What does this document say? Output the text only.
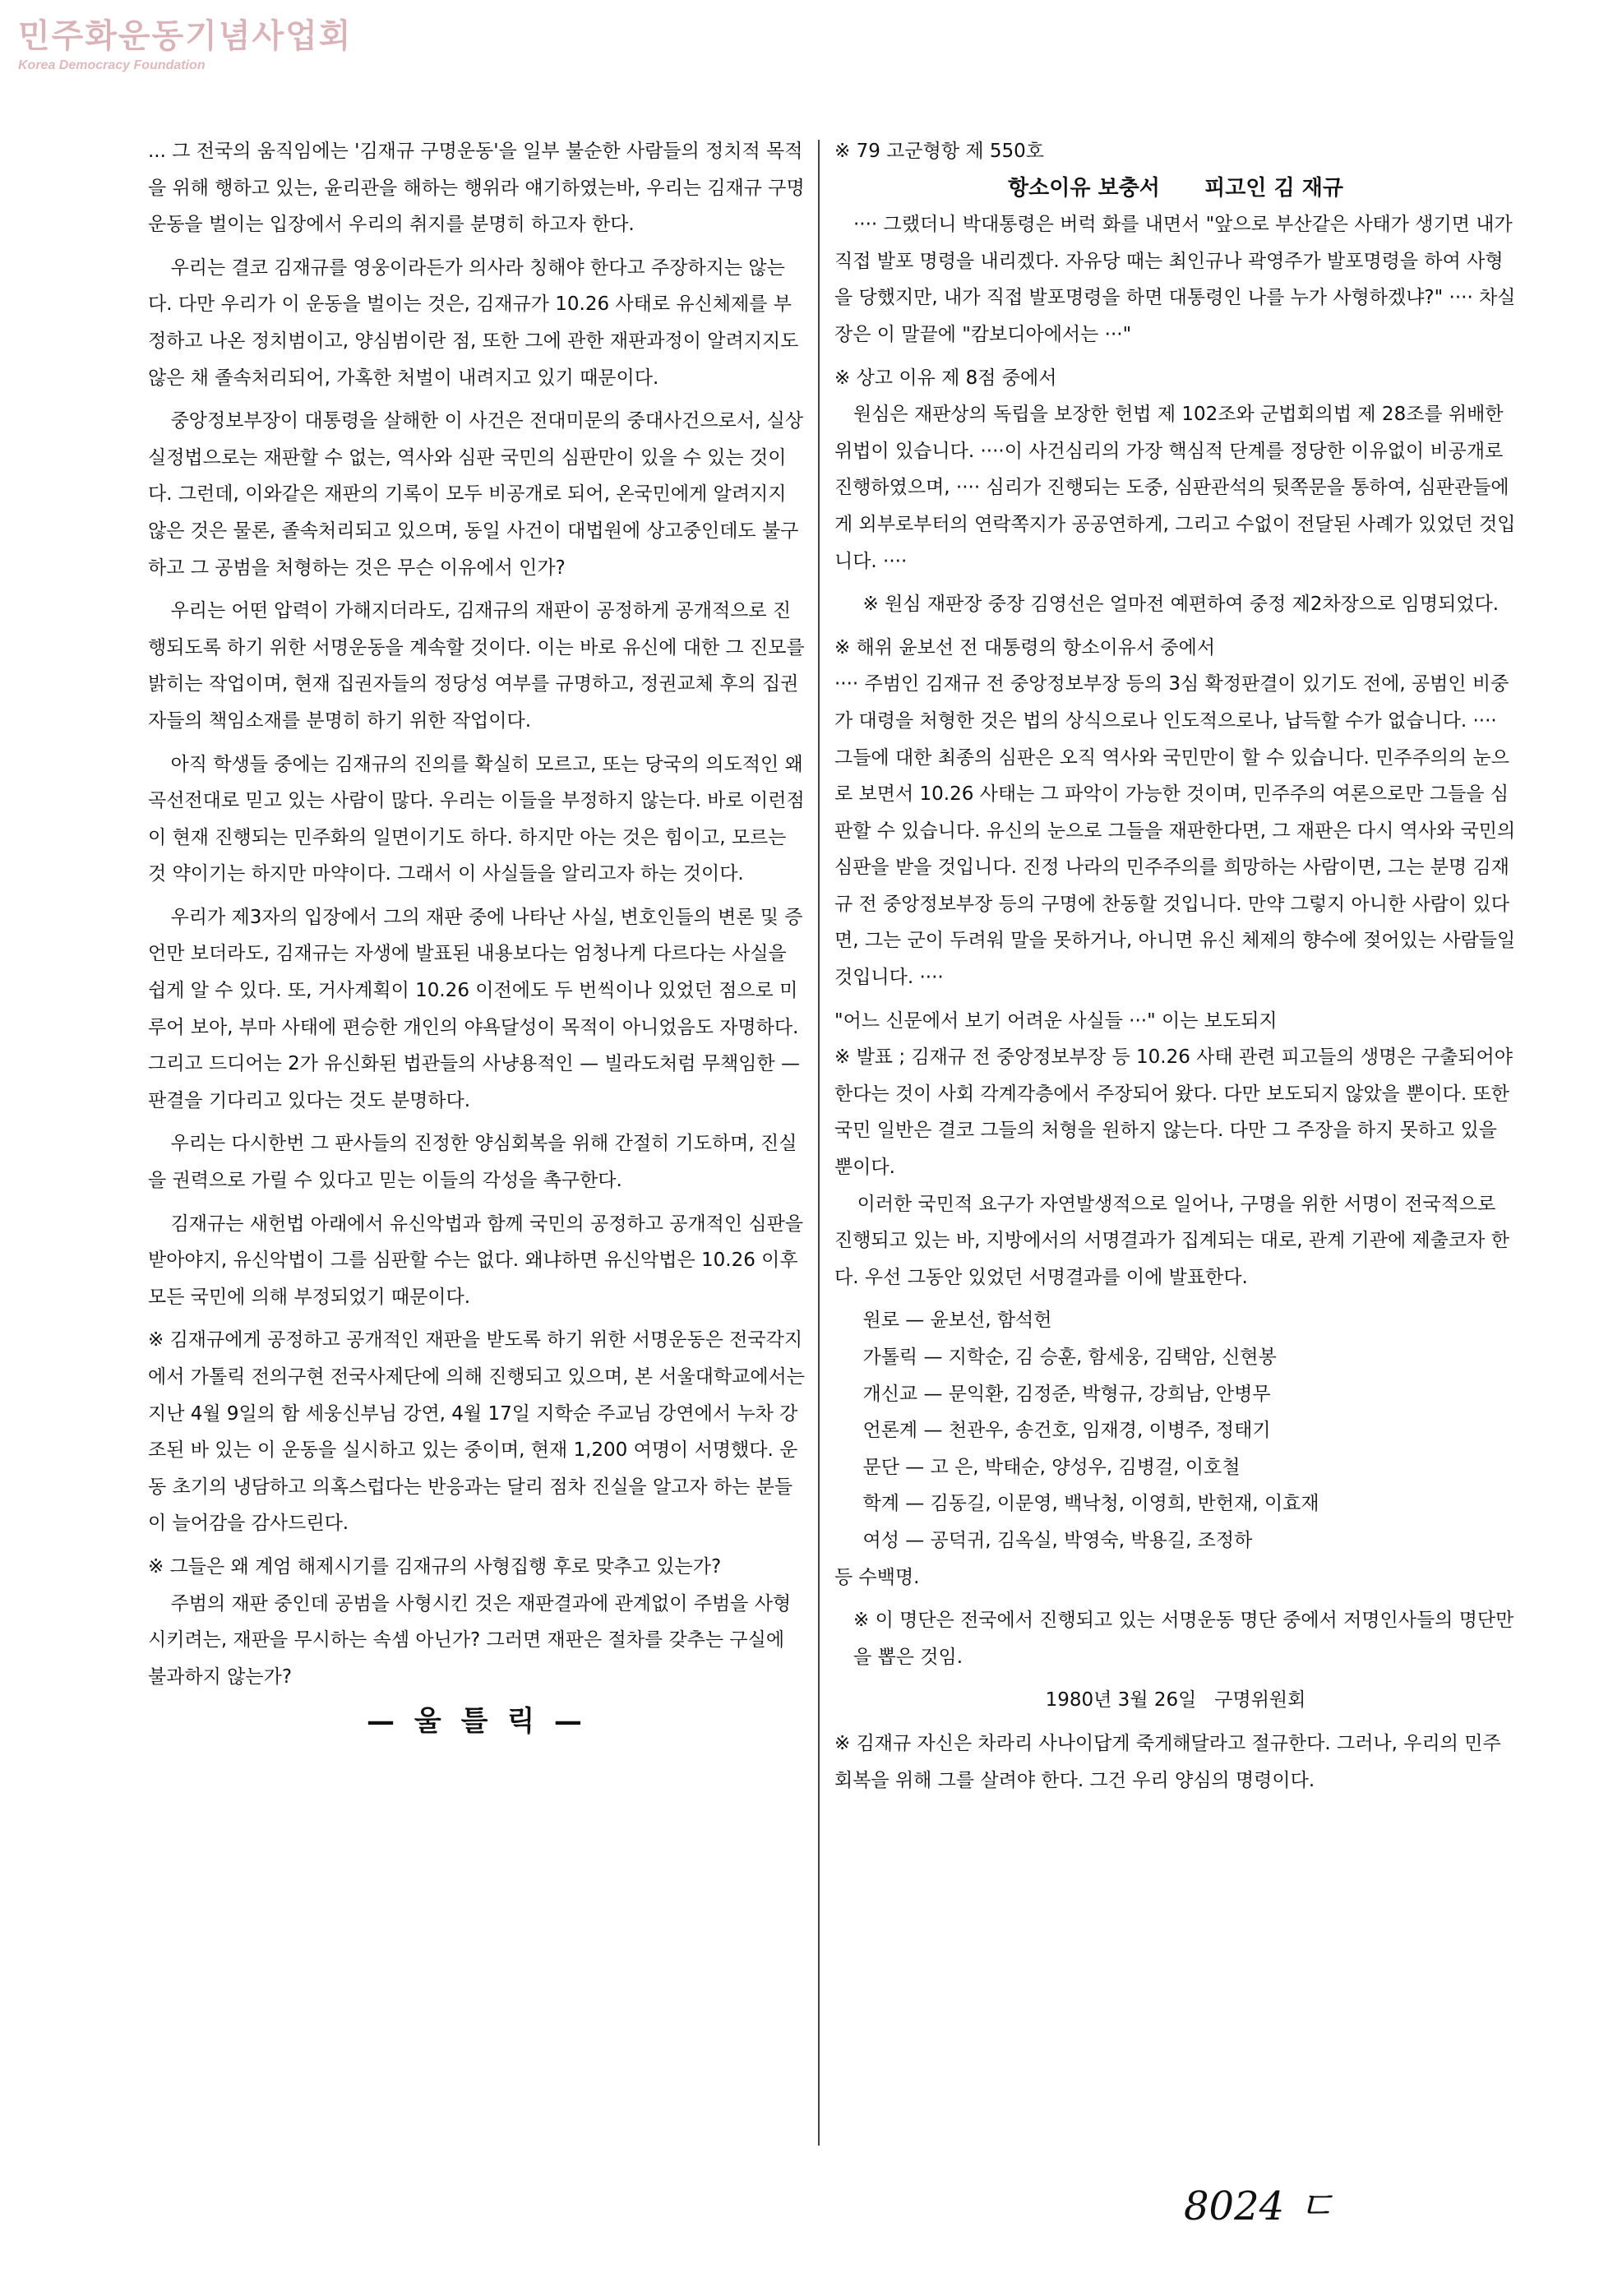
민주화운동기념사업회
Korea Democracy Foundation

... 그 전국의 움직임에는 '김재규 구명운동'을 일부 불순한 사람들의 정치적 목적을 위해 행하고 있는, 윤리관을 해하는 행위라 얘기하였는바, 우리는 김재규 구명운동을 벌이는 입장에서 우리의 취지를 분명히 하고자 한다.

우리는 결코 김재규를 영웅이라든가 의사라 칭해야 한다고 주장하지는 않는다. 다만 우리가 이 운동을 벌이는 것은, 김재규가 10.26 사태로 유신체제를 부정하고 나온 정치범이고, 양심범이란 점, 또한 그에 관한 재판과정이 알려지지도 않은 채 졸속처리되어, 가혹한 처벌이 내려지고 있기 때문이다.

중앙정보부장이 대통령을 살해한 이 사건은 전대미문의 중대사건으로서, 실상 실정법으로는 재판할 수 없는, 역사와 심판 국민의 심판만이 있을 수 있는 것이다. 그런데, 이와같은 재판의 기록이 모두 비공개로 되어, 온국민에게 알려지지 않은 것은 물론, 졸속처리되고 있으며, 동일 사건이 대법원에 상고중인데도 불구하고 그 공범을 처형하는 것은 무슨 이유에서 인가?

우리는 어떤 압력이 가해지더라도, 김재규의 재판이 공정하게 공개적으로 진행되도록 하기 위한 서명운동을 계속할 것이다. 이는 바로 유신에 대한 그 진모를 밝히는 작업이며, 현재 집권자들의 정당성 여부를 규명하고, 정권교체 후의 집권자들의 책임소재를 분명히 하기 위한 작업이다.

아직 학생들 중에는 김재규의 진의를 확실히 모르고, 또는 당국의 의도적인 왜곡선전대로 믿고 있는 사람이 많다. 우리는 이들을 부정하지 않는다. 바로 이런점이 현재 진행되는 민주화의 일면이기도 하다. 하지만 아는 것은 힘이고, 모르는 것 약이기는 하지만 마약이다. 그래서 이 사실들을 알리고자 하는 것이다.

우리가 제3자의 입장에서 그의 재판 중에 나타난 사실, 변호인들의 변론 및 증언만 보더라도, 김재규는 자생에 발표된 내용보다는 엄청나게 다르다는 사실을 쉽게 알 수 있다. 또, 거사계획이 10.26 이전에도 두 번씩이나 있었던 점으로 미루어 보아, 부마 사태에 편승한 개인의 야욕달성이 목적이 아니었음도 자명하다. 그리고 드디어는 2가 유신화된 법관들의 사냥용적인 — 빌라도처럼 무책임한 — 판결을 기다리고 있다는 것도 분명하다.

우리는 다시한번 그 판사들의 진정한 양심회복을 위해 간절히 기도하며, 진실을 권력으로 가릴 수 있다고 믿는 이들의 각성을 촉구한다.

김재규는 새헌법 아래에서 유신악법과 함께 국민의 공정하고 공개적인 심판을 받아야지, 유신악법이 그를 심판할 수는 없다. 왜냐하면 유신악법은 10.26 이후 모든 국민에 의해 부정되었기 때문이다.

※ 김재규에게 공정하고 공개적인 재판을 받도록 하기 위한 서명운동은 전국각지에서 가톨릭 전의구현 전국사제단에 의해 진행되고 있으며, 본 서울대학교에서는 지난 4월 9일의 함 세웅신부님 강연, 4월 17일 지학순 주교님 강연에서 누차 강조된 바 있는 이 운동을 실시하고 있는 중이며, 현재 1,200 여명이 서명했다. 운동 초기의 냉담하고 의혹스럽다는 반응과는 달리 점차 진실을 알고자 하는 분들이 늘어감을 감사드린다.

※ 그들은 왜 계엄 해제시기를 김재규의 사형집행 후로 맞추고 있는가?

주범의 재판 중인데 공범을 사형시킨 것은 재판결과에 관계없이 주범을 사형시키려는, 재판을 무시하는 속셈 아닌가? 그러면 재판은 절차를 갖추는 구실에 불과하지 않는가?

— 울 틀 릭 —

※ 79 고군형항 제 550호

항소이유 보충서      피고인 김 재규

···· 그랬더니 박대통령은 버럭 화를 내면서 "앞으로 부산같은 사태가 생기면 내가 직접 발포 명령을 내리겠다. 자유당 때는 최인규나 곽영주가 발포명령을 하여 사형을 당했지만, 내가 직접 발포명령을 하면 대통령인 나를 누가 사형하겠냐?" ···· 차실장은 이 말끝에 "캄보디아에서는 ···"

※ 상고 이유 제 8점 중에서

원심은 재판상의 독립을 보장한 헌법 제 102조와 군법회의법 제 28조를 위배한 위법이 있습니다. ····이 사건심리의 가장 핵심적 단계를 정당한 이유없이 비공개로 진행하였으며, ···· 심리가 진행되는 도중, 심판관석의 뒷쪽문을 통하여, 심판관들에게 외부로부터의 연락쪽지가 공공연하게, 그리고 수없이 전달된 사례가 있었던 것입니다. ····

※ 원심 재판장 중장 김영선은 얼마전 예편하여 중정 제2차장으로 임명되었다.

※ 해위 윤보선 전 대통령의 항소이유서 중에서

···· 주범인 김재규 전 중앙정보부장 등의 3심 확정판결이 있기도 전에, 공범인 비중가 대령을 처형한 것은 법의 상식으로나 인도적으로나, 납득할 수가 없습니다. ···· 그들에 대한 최종의 심판은 오직 역사와 국민만이 할 수 있습니다. 민주주의의 눈으로 보면서 10.26 사태는 그 파악이 가능한 것이며, 민주주의 여론으로만 그들을 심판할 수 있습니다. 유신의 눈으로 그들을 재판한다면, 그 재판은 다시 역사와 국민의 심판을 받을 것입니다. 진정 나라의 민주주의를 희망하는 사람이면, 그는 분명 김재규 전 중앙정보부장 등의 구명에 찬동할 것입니다. 만약 그렇지 아니한 사람이 있다면, 그는 군이 두려워 말을 못하거나, 아니면 유신 체제의 향수에 젖어있는 사람들일 것입니다. ····

"어느 신문에서 보기 어려운 사실들 ···" 이는 보도되지

※ 발표 ; 김재규 전 중앙정보부장 등 10.26 사태 관련 피고들의 생명은 구출되어야 한다는 것이 사회 각계각층에서 주장되어 왔다. 다만 보도되지 않았을 뿐이다. 또한 국민 일반은 결코 그들의 처형을 원하지 않는다. 다만 그 주장을 하지 못하고 있을 뿐이다.

이러한 국민적 요구가 자연발생적으로 일어나, 구명을 위한 서명이 전국적으로 진행되고 있는 바, 지방에서의 서명결과가 집계되는 대로, 관계 기관에 제출코자 한다. 우선 그동안 있었던 서명결과를 이에 발표한다.

원로 — 윤보선, 함석헌

가톨릭 — 지학순, 김 승훈, 함세웅, 김택암, 신현봉

개신교 — 문익환, 김정준, 박형규, 강희남, 안병무

언론계 — 천관우, 송건호, 임재경, 이병주, 정태기

문단 — 고 은, 박태순, 양성우, 김병걸, 이호철

학계 — 김동길, 이문영, 백낙청, 이영희, 반헌재, 이효재

여성 — 공덕귀, 김옥실, 박영숙, 박용길, 조정하

등 수백명.

※ 이 명단은 전국에서 진행되고 있는 서명운동 명단 중에서 저명인사들의 명단만을 뽑은 것임.

1980년 3월 26일   구명위원회

※ 김재규 자신은 차라리 사나이답게 죽게해달라고 절규한다. 그러나, 우리의 민주회복을 위해 그를 살려야 한다. 그건 우리 양심의 명령이다.

8024 ㄷ
